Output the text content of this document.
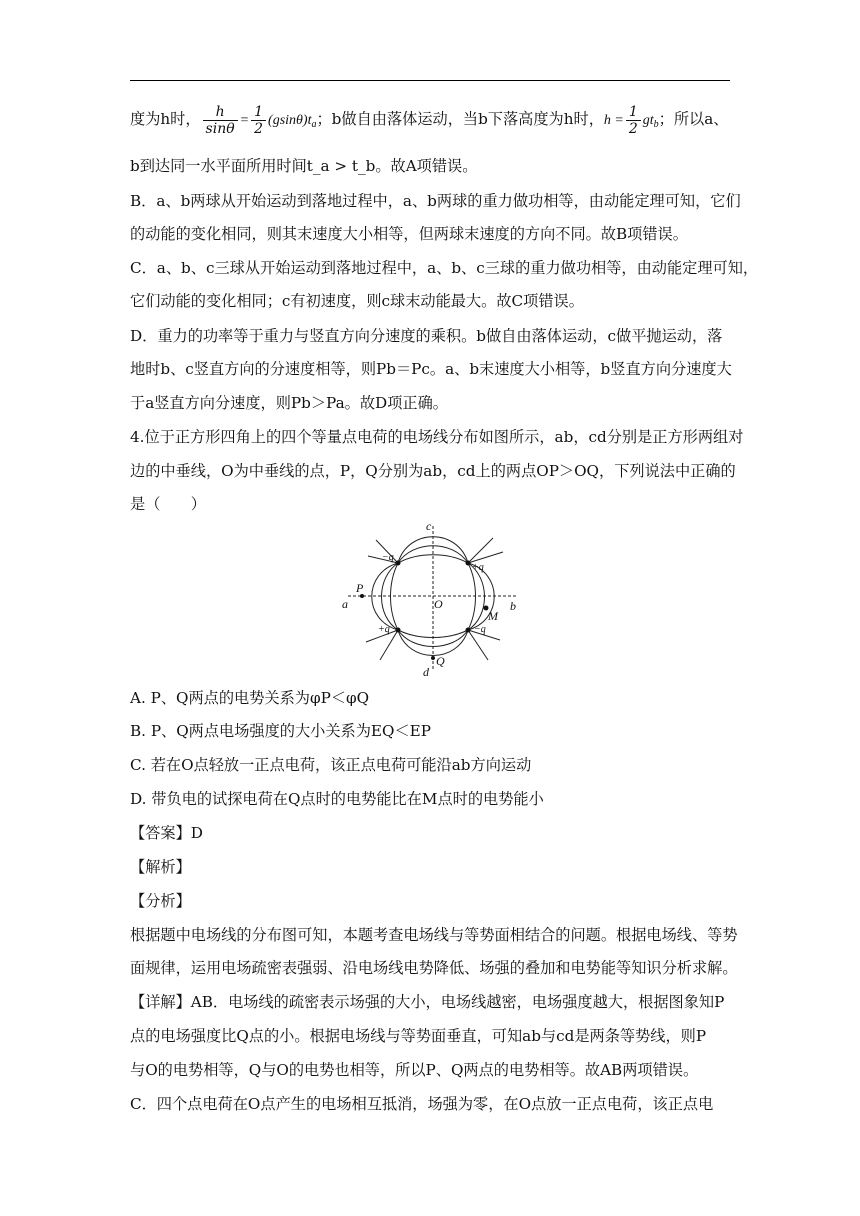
度为h时， $\frac{h}{\sin\theta} = \frac{1}{2} (gsin\theta)t_a$；b做自由落体运动，当b下落高度为h时，$h = \frac{1}{2} gt_b$；所以a、
b到达同一水平面所用时间t_a > t_b。故A项错误。
B．a、b两球从开始运动到落地过程中，a、b两球的重力做功相等，由动能定理可知，它们
的动能的变化相同，则其末速度大小相等，但两球末速度的方向不同。故B项错误。
C．a、b、c三球从开始运动到落地过程中，a、b、c三球的重力做功相等，由动能定理可知，
它们动能的变化相同；c有初速度，则c球末动能最大。故C项错误。
D．重力的功率等于重力与竖直方向分速度的乘积。b做自由落体运动，c做平抛运动，落
地时b、c竖直方向的分速度相等，则Pb＝Pc。a、b末速度大小相等，b竖直方向分速度大
于a竖直方向分速度，则Pb＞Pa。故D项正确。
4.位于正方形四角上的四个等量点电荷的电场线分布如图所示，ab，cd分别是正方形两组对
边的中垂线，O为中垂线的点，P，Q分别为ab，cd上的两点OP＞OQ，下列说法中正确的
是（　　）
c
d
a	b
O
P
Q
M
−q
+q
+q	−q
A. P、Q两点的电势关系为φP＜φQ
B. P、Q两点电场强度的大小关系为EQ＜EP
C. 若在O点轻放一正点电荷，该正点电荷可能沿ab方向运动
D. 带负电的试探电荷在Q点时的电势能比在M点时的电势能小
【答案】D
【解析】
【分析】
根据题中电场线的分布图可知，本题考查电场线与等势面相结合的问题。根据电场线、等势
面规律，运用电场疏密表强弱、沿电场线电势降低、场强的叠加和电势能等知识分析求解。
【详解】AB．电场线的疏密表示场强的大小，电场线越密，电场强度越大，根据图象知P
点的电场强度比Q点的小。根据电场线与等势面垂直，可知ab与cd是两条等势线，则P
与O的电势相等，Q与O的电势也相等，所以P、Q两点的电势相等。故AB两项错误。
C．四个点电荷在O点产生的电场相互抵消，场强为零，在O点放一正点电荷，该正点电
